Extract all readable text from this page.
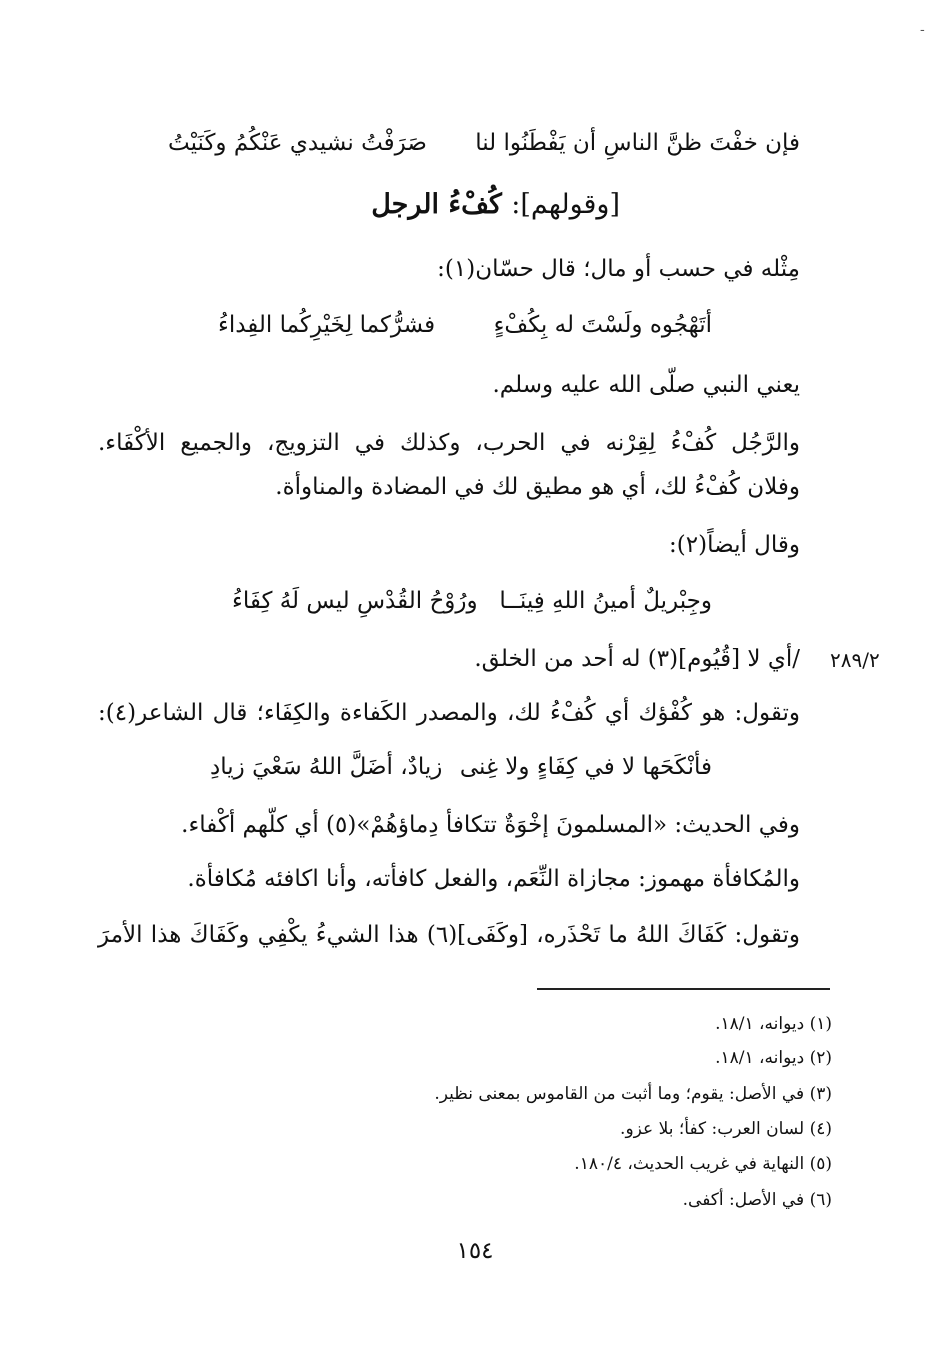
-
فإن خفْتَ ظنَّ الناسِ أن يَفْطَنُوا لنا
صَرَفْتُ نشيدي عَنْكُمُ وكَنَيْتُ
[وقولهم]: كُفْءُ الرجل
مِثْله في حسب أو مال؛ قال حسّان(١):
أتَهْجُوه ولَسْتَ له بِكُفْءٍ
فشرُّكما لِخَيْرِكُما الفِداءُ
يعني النبي صلّى الله عليه وسلم.
والرَّجُل كُفْءُ لِقِرْنه في الحرب، وكذلك في التزويج، والجميع الأكْفَاء.
وفلان كُفْءُ لك، أي هو مطيق لك في المضادة والمناوأة.
وقال أيضاً(٢):
وجِبْريلٌ أمينُ اللهِ فِينَــا
ورُوْحُ القُدْسِ ليس لَهُ كِفَاءُ
/أي لا [قُيُوم](٣) له أحد من الخلق. ٢٨٩/٢
وتقول: هو كُفْؤك أي كُفْءُ لك، والمصدر الكَفاءة والكِفَاء؛ قال الشاعر(٤):
فأنْكَحَها لا في كِفَاءٍ ولا غِنى
زيادٌ، أضَلَّ اللهُ سَعْيَ زيادِ
وفي الحديث: «المسلمونَ إخْوَةٌ تتكافأ دِماؤهُمْ»(٥) أي كلّهم أكْفاء.
والمُكافأة مهموز: مجازاة النِّعَم، والفعل كافأته، وأنا اكافئه مُكافأة.
وتقول: كَفَاكَ اللهُ ما تَحْذَره، [وكَفَى](٦) هذا الشيءُ يكْفِي وكَفَاكَ هذا الأمرَ
(١) ديوانه، ١٨/١.
(٢) ديوانه، ١٨/١.
(٣) في الأصل: يقوم؛ وما أثبت من القاموس بمعنى نظير.
(٤) لسان العرب: كفأ؛ بلا عزو.
(٥) النهاية في غريب الحديث، ١٨٠/٤.
(٦) في الأصل: أكفى.
١٥٤
